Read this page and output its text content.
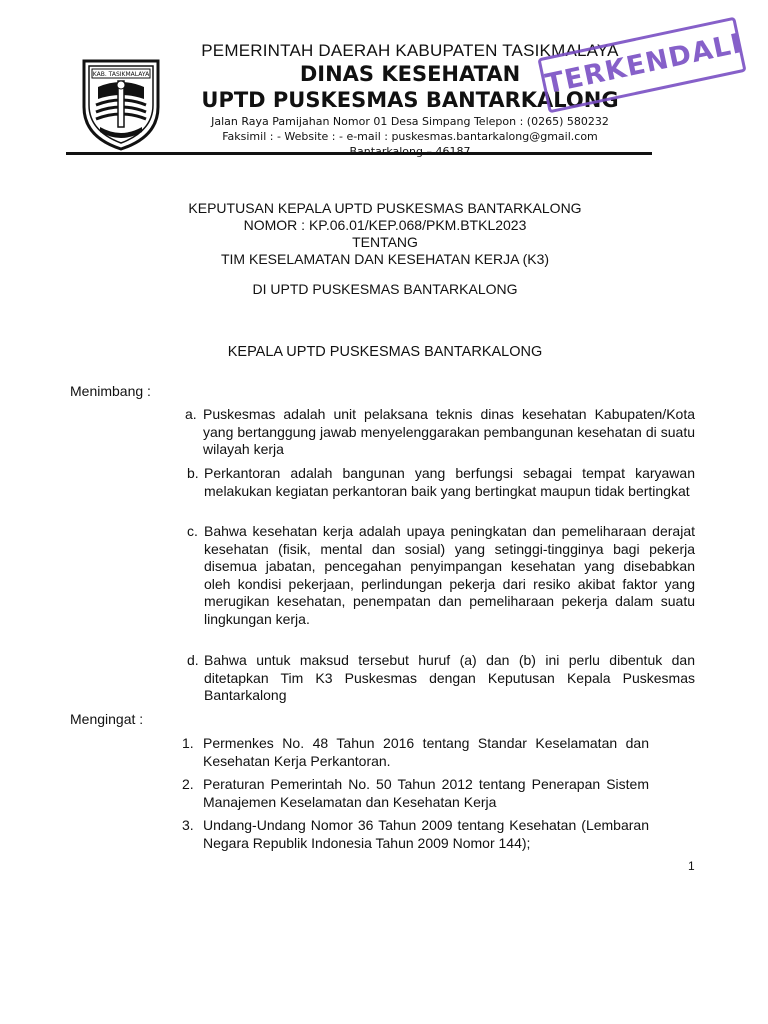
KAB. TASIKMALAYA

PEMERINTAH DAERAH KABUPATEN TASIKMALAYA

DINAS KESEHATAN

UPTD PUSKESMAS BANTARKALONG

Jalan Raya Pamijahan Nomor 01 Desa Simpang Telepon : (0265) 580232

Faksimil : - Website : - e-mail : puskesmas.bantarkalong@gmail.com

Bantarkalong – 46187

TERKENDALI

KEPUTUSAN KEPALA UPTD PUSKESMAS BANTARKALONG

NOMOR : KP.06.01/KEP.068/PKM.BTKL2023

TENTANG

TIM KESELAMATAN DAN KESEHATAN KERJA (K3)

DI UPTD PUSKESMAS BANTARKALONG

KEPALA UPTD PUSKESMAS BANTARKALONG

Menimbang :
a. Puskesmas adalah unit pelaksana teknis dinas kesehatan Kabupaten/Kota yang bertanggung jawab menyelenggarakan pembangunan kesehatan di suatu wilayah kerja
b. Perkantoran adalah bangunan yang berfungsi sebagai tempat karyawan melakukan kegiatan perkantoran baik yang bertingkat maupun tidak bertingkat
c. Bahwa kesehatan kerja adalah upaya peningkatan dan pemeliharaan derajat kesehatan (fisik, mental dan sosial) yang setinggi-tingginya bagi pekerja disemua jabatan, pencegahan penyimpangan kesehatan yang disebabkan oleh kondisi pekerjaan, perlindungan pekerja dari resiko akibat faktor yang merugikan kesehatan, penempatan dan pemeliharaan pekerja dalam suatu lingkungan kerja.
d. Bahwa untuk maksud tersebut huruf (a) dan (b) ini perlu dibentuk dan ditetapkan Tim K3 Puskesmas dengan Keputusan Kepala Puskesmas Bantarkalong
Mengingat :
1. Permenkes No. 48 Tahun 2016 tentang Standar Keselamatan dan Kesehatan Kerja Perkantoran.
2. Peraturan Pemerintah No. 50 Tahun 2012 tentang Penerapan Sistem Manajemen Keselamatan dan Kesehatan Kerja
3. Undang-Undang Nomor 36 Tahun 2009 tentang Kesehatan (Lembaran Negara Republik Indonesia Tahun 2009 Nomor 144);
1
